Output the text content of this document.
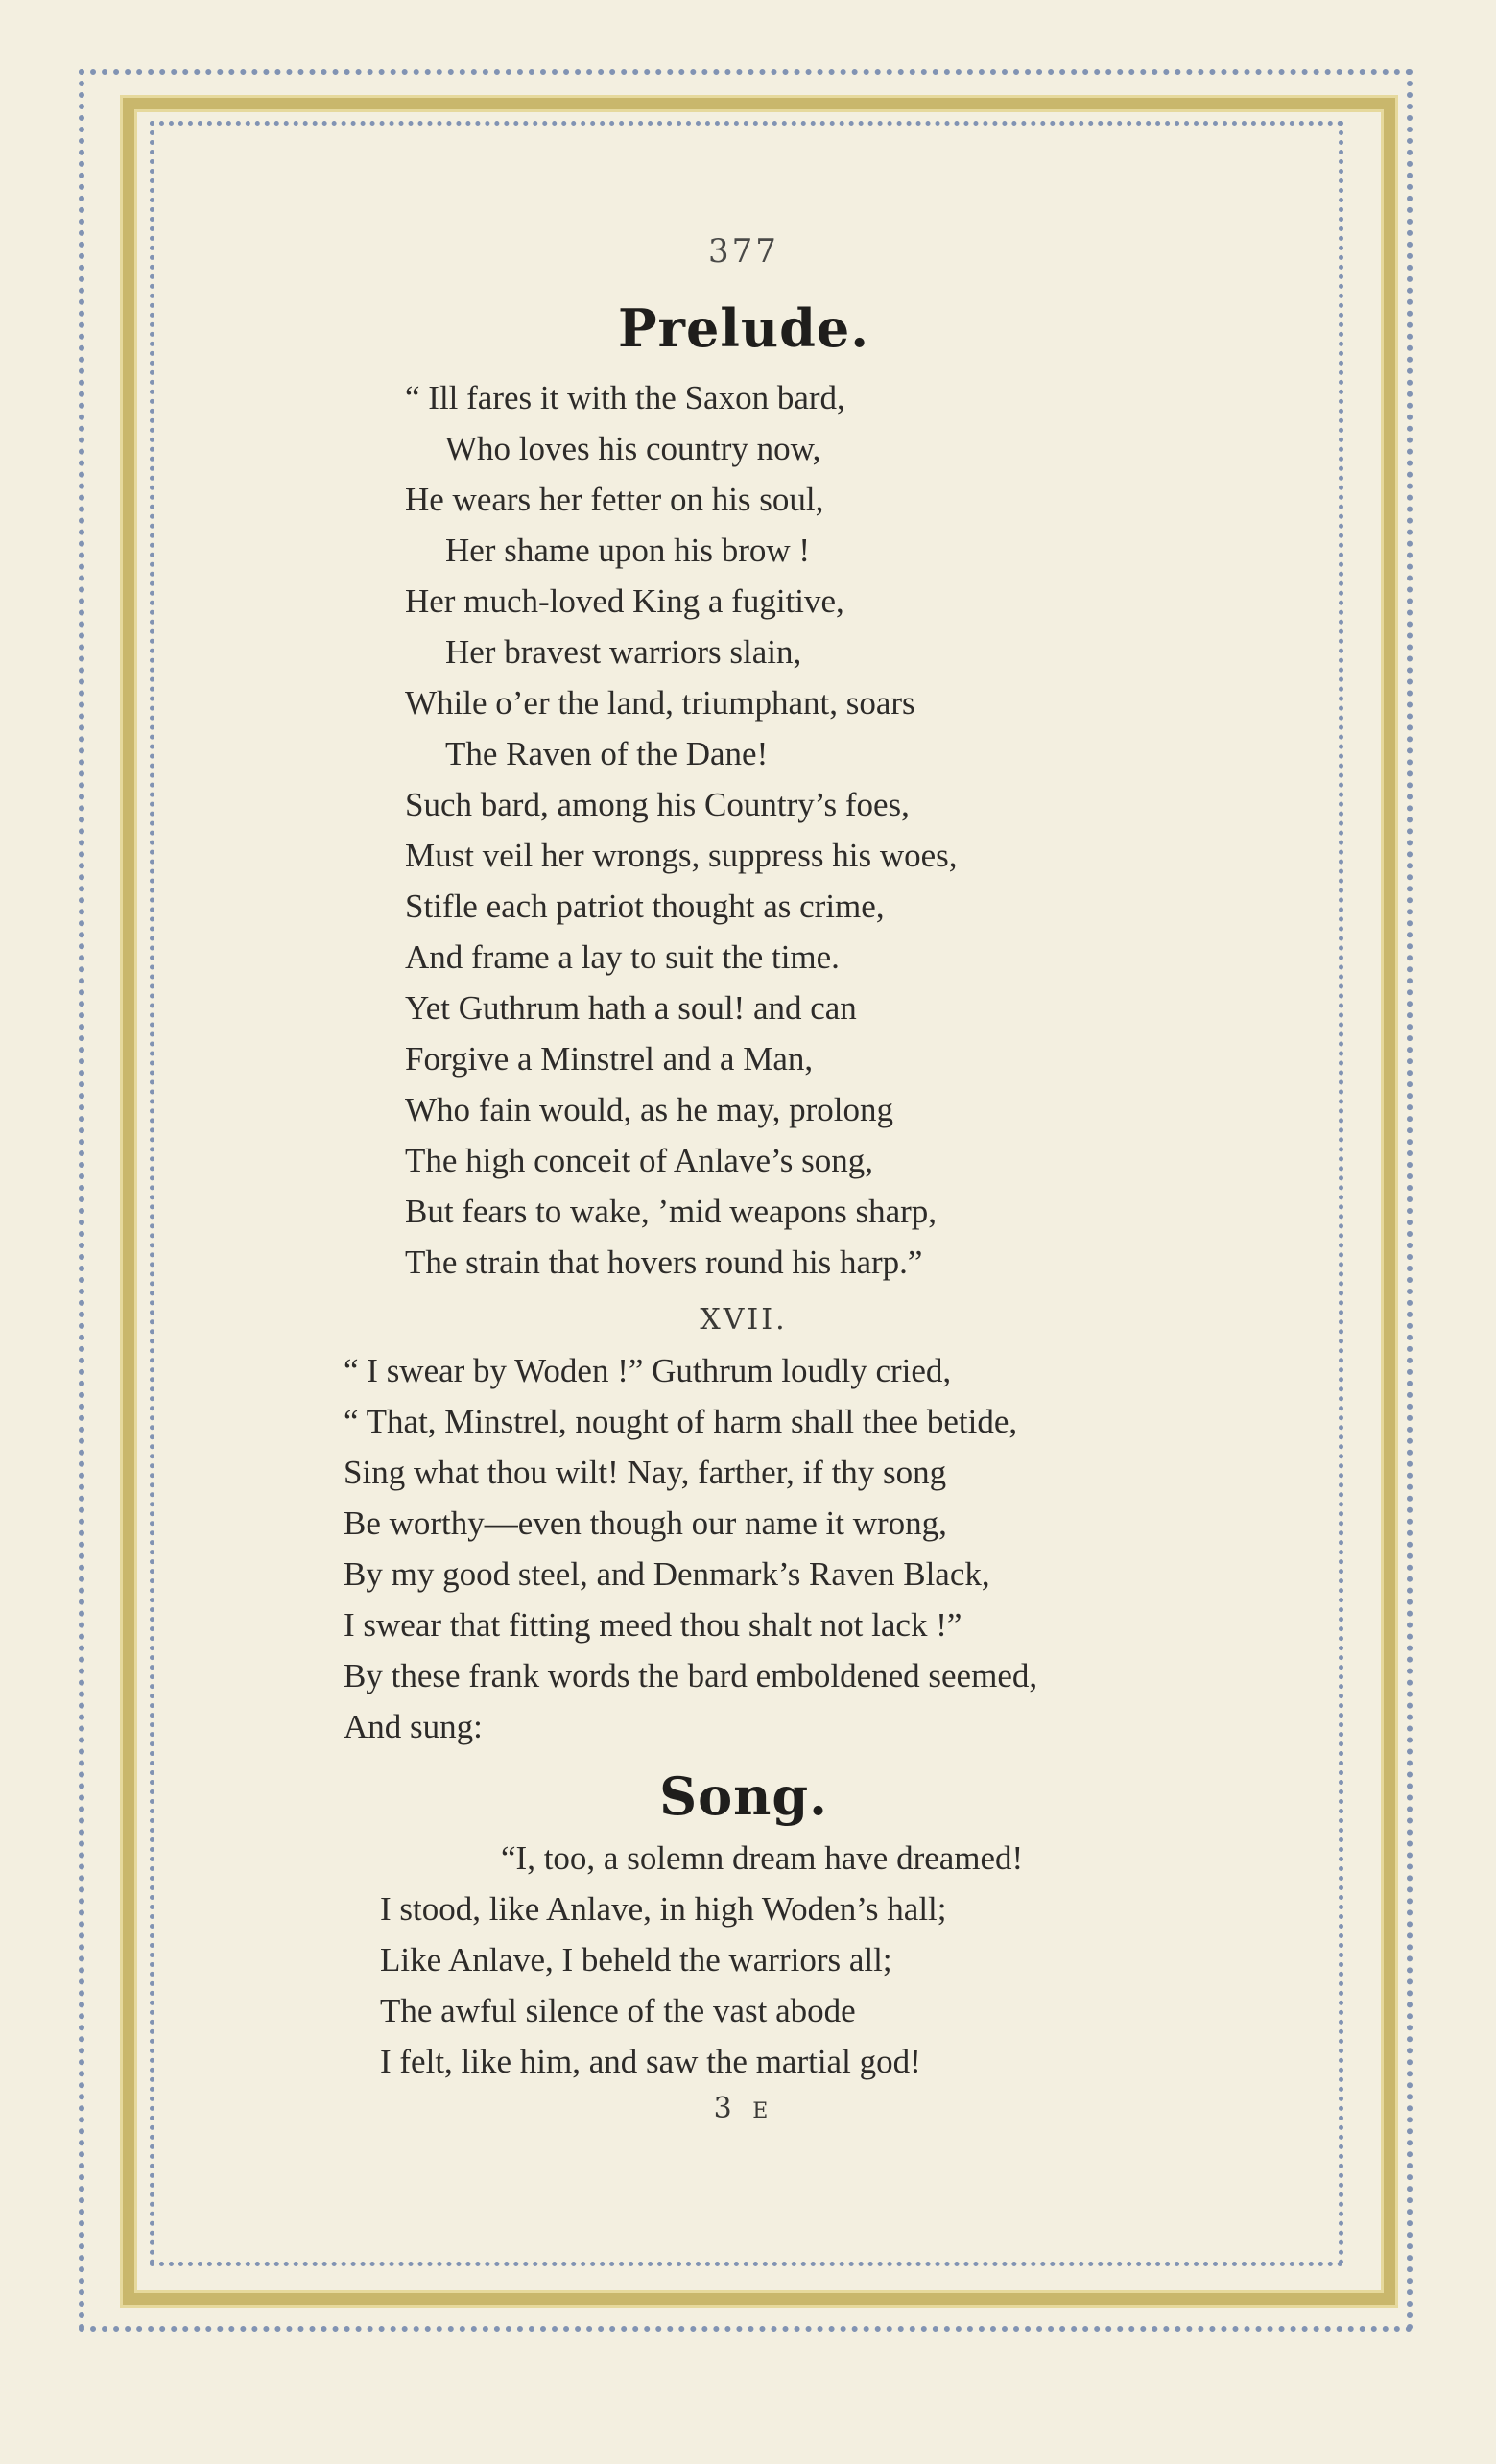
377
Prelude.
“ Ill fares it with the Saxon bard,
Who loves his country now,
He wears her fetter on his soul,
Her shame upon his brow !
Her much-loved King a fugitive,
Her bravest warriors slain,
While o’er the land, triumphant, soars
The Raven of the Dane!
Such bard, among his Country’s foes,
Must veil her wrongs, suppress his woes,
Stifle each patriot thought as crime,
And frame a lay to suit the time.
Yet Guthrum hath a soul! and can
Forgive a Minstrel and a Man,
Who fain would, as he may, prolong
The high conceit of Anlave’s song,
But fears to wake, ’mid weapons sharp,
The strain that hovers round his harp.”
XVII.
“ I swear by Woden !” Guthrum loudly cried,
“ That, Minstrel, nought of harm shall thee betide,
Sing what thou wilt! Nay, farther, if thy song
Be worthy—even though our name it wrong,
By my good steel, and Denmark’s Raven Black,
I swear that fitting meed thou shalt not lack !”
By these frank words the bard emboldened seemed,
And sung:
Song.
“I, too, a solemn dream have dreamed!
I stood, like Anlave, in high Woden’s hall;
Like Anlave, I beheld the warriors all;
The awful silence of the vast abode
I felt, like him, and saw the martial god!
3 E
